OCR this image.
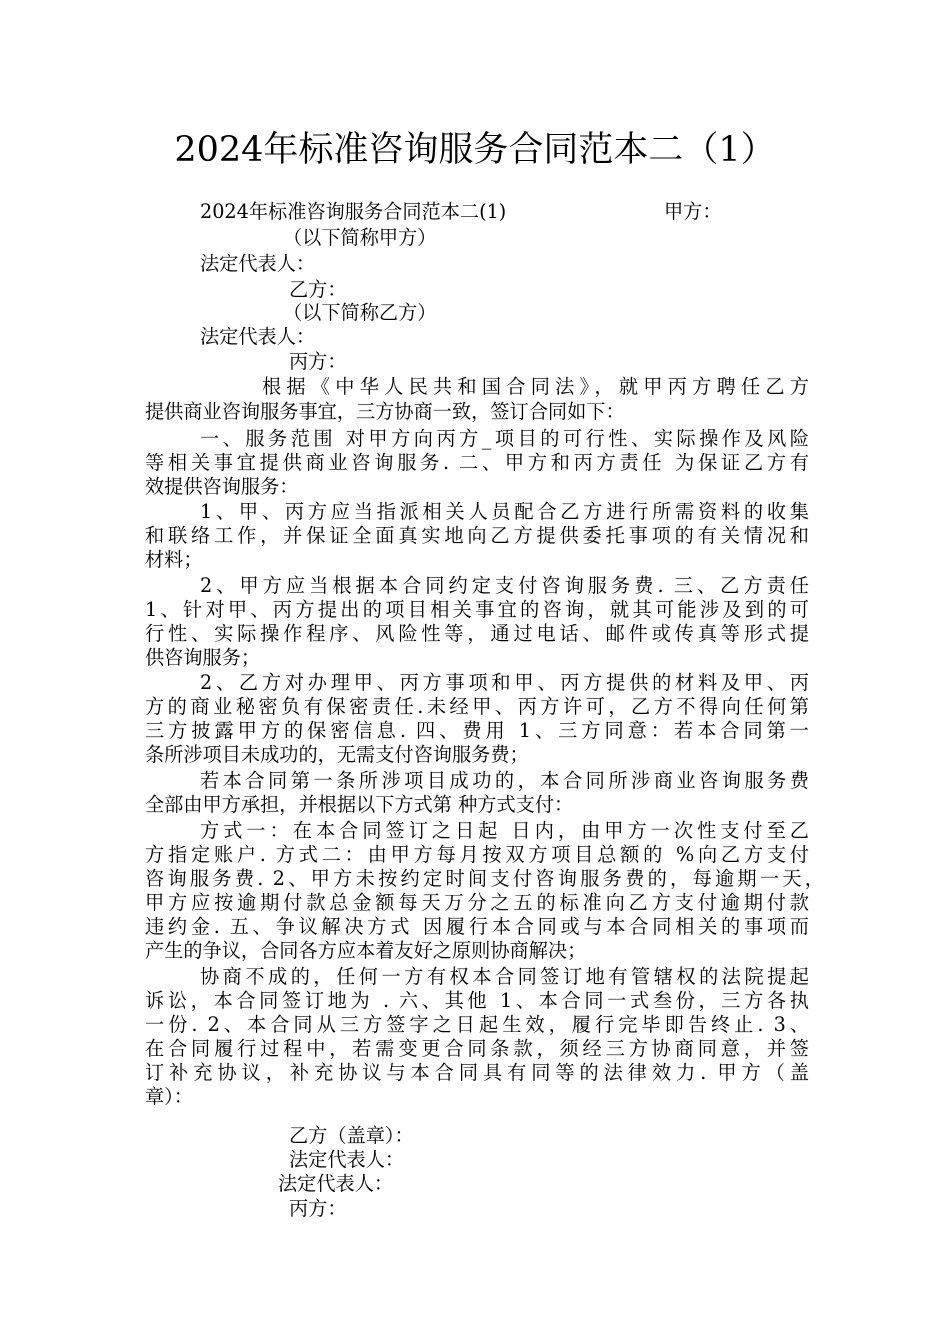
2024年标准咨询服务合同范本二（1）
2024年标准咨询服务合同范本二(1)	甲方：
（以下简称甲方）
法定代表人：
乙方：
（以下简称乙方）
法定代表人：
丙方：
根据《中华人民共和国合同法》，就甲丙方聘任乙方
提供商业咨询服务事宜，三方协商一致，签订合同如下：
一、服务范围 对甲方向丙方_项目的可行性、实际操作及风险
等相关事宜提供商业咨询服务. 二、甲方和丙方责任 为保证乙方有
效提供咨询服务：
1、甲、丙方应当指派相关人员配合乙方进行所需资料的收集
和联络工作，并保证全面真实地向乙方提供委托事项的有关情况和
材料；
2、甲方应当根据本合同约定支付咨询服务费. 三、乙方责任
1、针对甲、丙方提出的项目相关事宜的咨询，就其可能涉及到的可
行性、实际操作程序、风险性等，通过电话、邮件或传真等形式提
供咨询服务；
2、乙方对办理甲、丙方事项和甲、丙方提供的材料及甲、丙
方的商业秘密负有保密责任.未经甲、丙方许可，乙方不得向任何第
三方披露甲方的保密信息. 四、费用 1、三方同意：若本合同第一
条所涉项目未成功的，无需支付咨询服务费；
若本合同第一条所涉项目成功的，本合同所涉商业咨询服务费
全部由甲方承担，并根据以下方式第 种方式支付：
方式一：在本合同签订之日起 日内，由甲方一次性支付至乙
方指定账户. 方式二：由甲方每月按双方项目总额的 %向乙方支付
咨询服务费. 2、甲方未按约定时间支付咨询服务费的，每逾期一天，
甲方应按逾期付款总金额每天万分之五的标准向乙方支付逾期付款
违约金. 五、争议解决方式 因履行本合同或与本合同相关的事项而
产生的争议，合同各方应本着友好之原则协商解决；
协商不成的，任何一方有权本合同签订地有管辖权的法院提起
诉讼，本合同签订地为 . 六、其他 1、本合同一式叁份，三方各执
一份. 2、本合同从三方签字之日起生效，履行完毕即告终止. 3、
在合同履行过程中，若需变更合同条款，须经三方协商同意，并签
订补充协议，补充协议与本合同具有同等的法律效力. 甲方（盖
章）：
乙方（盖章）：
法定代表人：
法定代表人：
丙方：
